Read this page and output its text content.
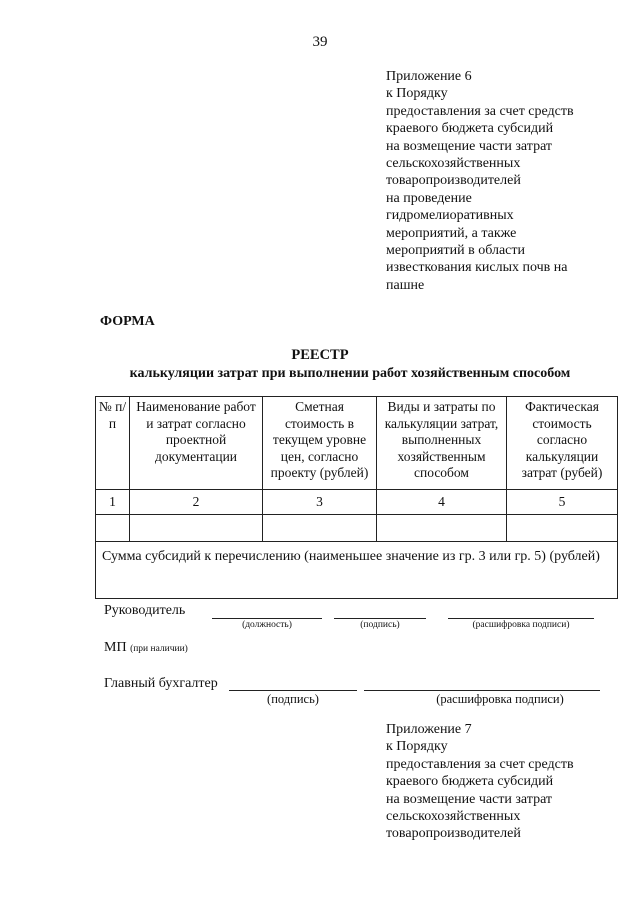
39
Приложение 6
к Порядку
предоставления за счет средств
краевого бюджета субсидий
на возмещение части затрат
сельскохозяйственных
товаропроизводителей
на проведение
гидромелиоративных
мероприятий, а также
мероприятий в области
известкования кислых почв на
пашне
ФОРМА
РЕЕСТР
калькуляции затрат при выполнении работ хозяйственным способом
№ п/п	Наименование работ и затрат согласно проектной документации	Сметная стоимость в текущем уровне цен, согласно проекту (рублей)	Виды и затраты по калькуляции затрат, выполненных хозяйственным способом	Фактическая стоимость согласно калькуляции затрат (рубей)
1	2	3	4	5

Сумма субсидий к перечислению (наименьшее значение из гр. 3 или гр. 5) (рублей)				
Руководитель
(должность)	(подпись)	(расшифровка подписи)
МП (при наличии)
Главный бухгалтер
(подпись)	(расшифровка подписи)
Приложение 7
к Порядку
предоставления за счет средств
краевого бюджета субсидий
на возмещение части затрат
сельскохозяйственных
товаропроизводителей
